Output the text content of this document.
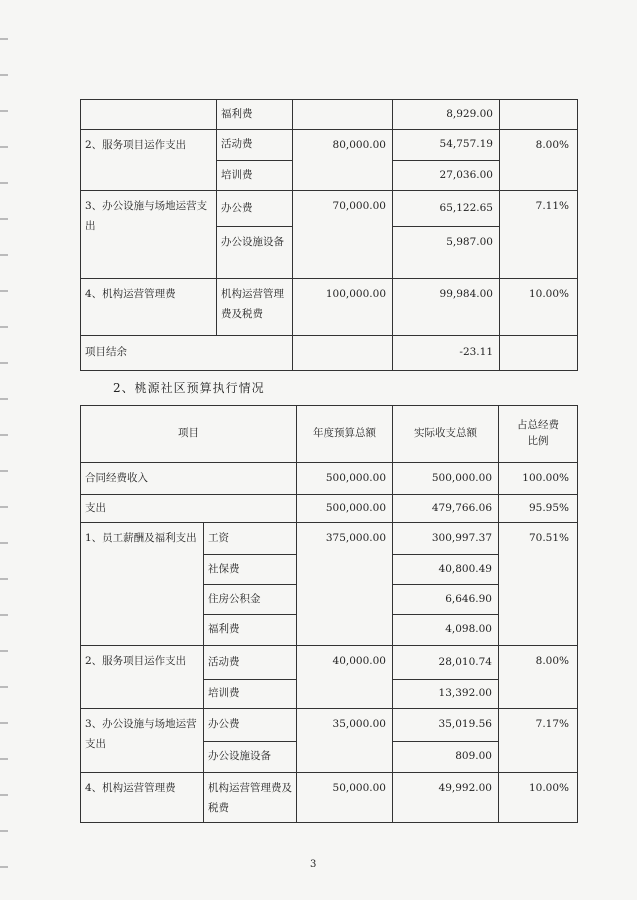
	福利费		8,929.00	
2、服务项目运作支出	活动费	80,000.00	54,757.19	8.00%
	培训费		27,036.00	
3、办公设施与场地运营支出	办公费	70,000.00	65,122.65	7.11%
	办公设施设备		5,987.00	
4、机构运营管理费	机构运营管理费及税费	100,000.00	99,984.00	10.00%
项目结余			-23.11	
2、桃源社区预算执行情况
项目		年度预算总额	实际收支总额	占总经费
比例
合同经费收入		500,000.00	500,000.00	100.00%
支出		500,000.00	479,766.06	95.95%
1、员工薪酬及福利支出	工资	375,000.00	300,997.37	70.51%
	社保费		40,800.49	
	住房公积金		6,646.90	
	福利费		4,098.00	
2、服务项目运作支出	活动费	40,000.00	28,010.74	8.00%
	培训费		13,392.00	
3、办公设施与场地运营支出	办公费	35,000.00	35,019.56	7.17%
	办公设施设备		809.00	
4、机构运营管理费	机构运营管理费及税费	50,000.00	49,992.00	10.00%
3
